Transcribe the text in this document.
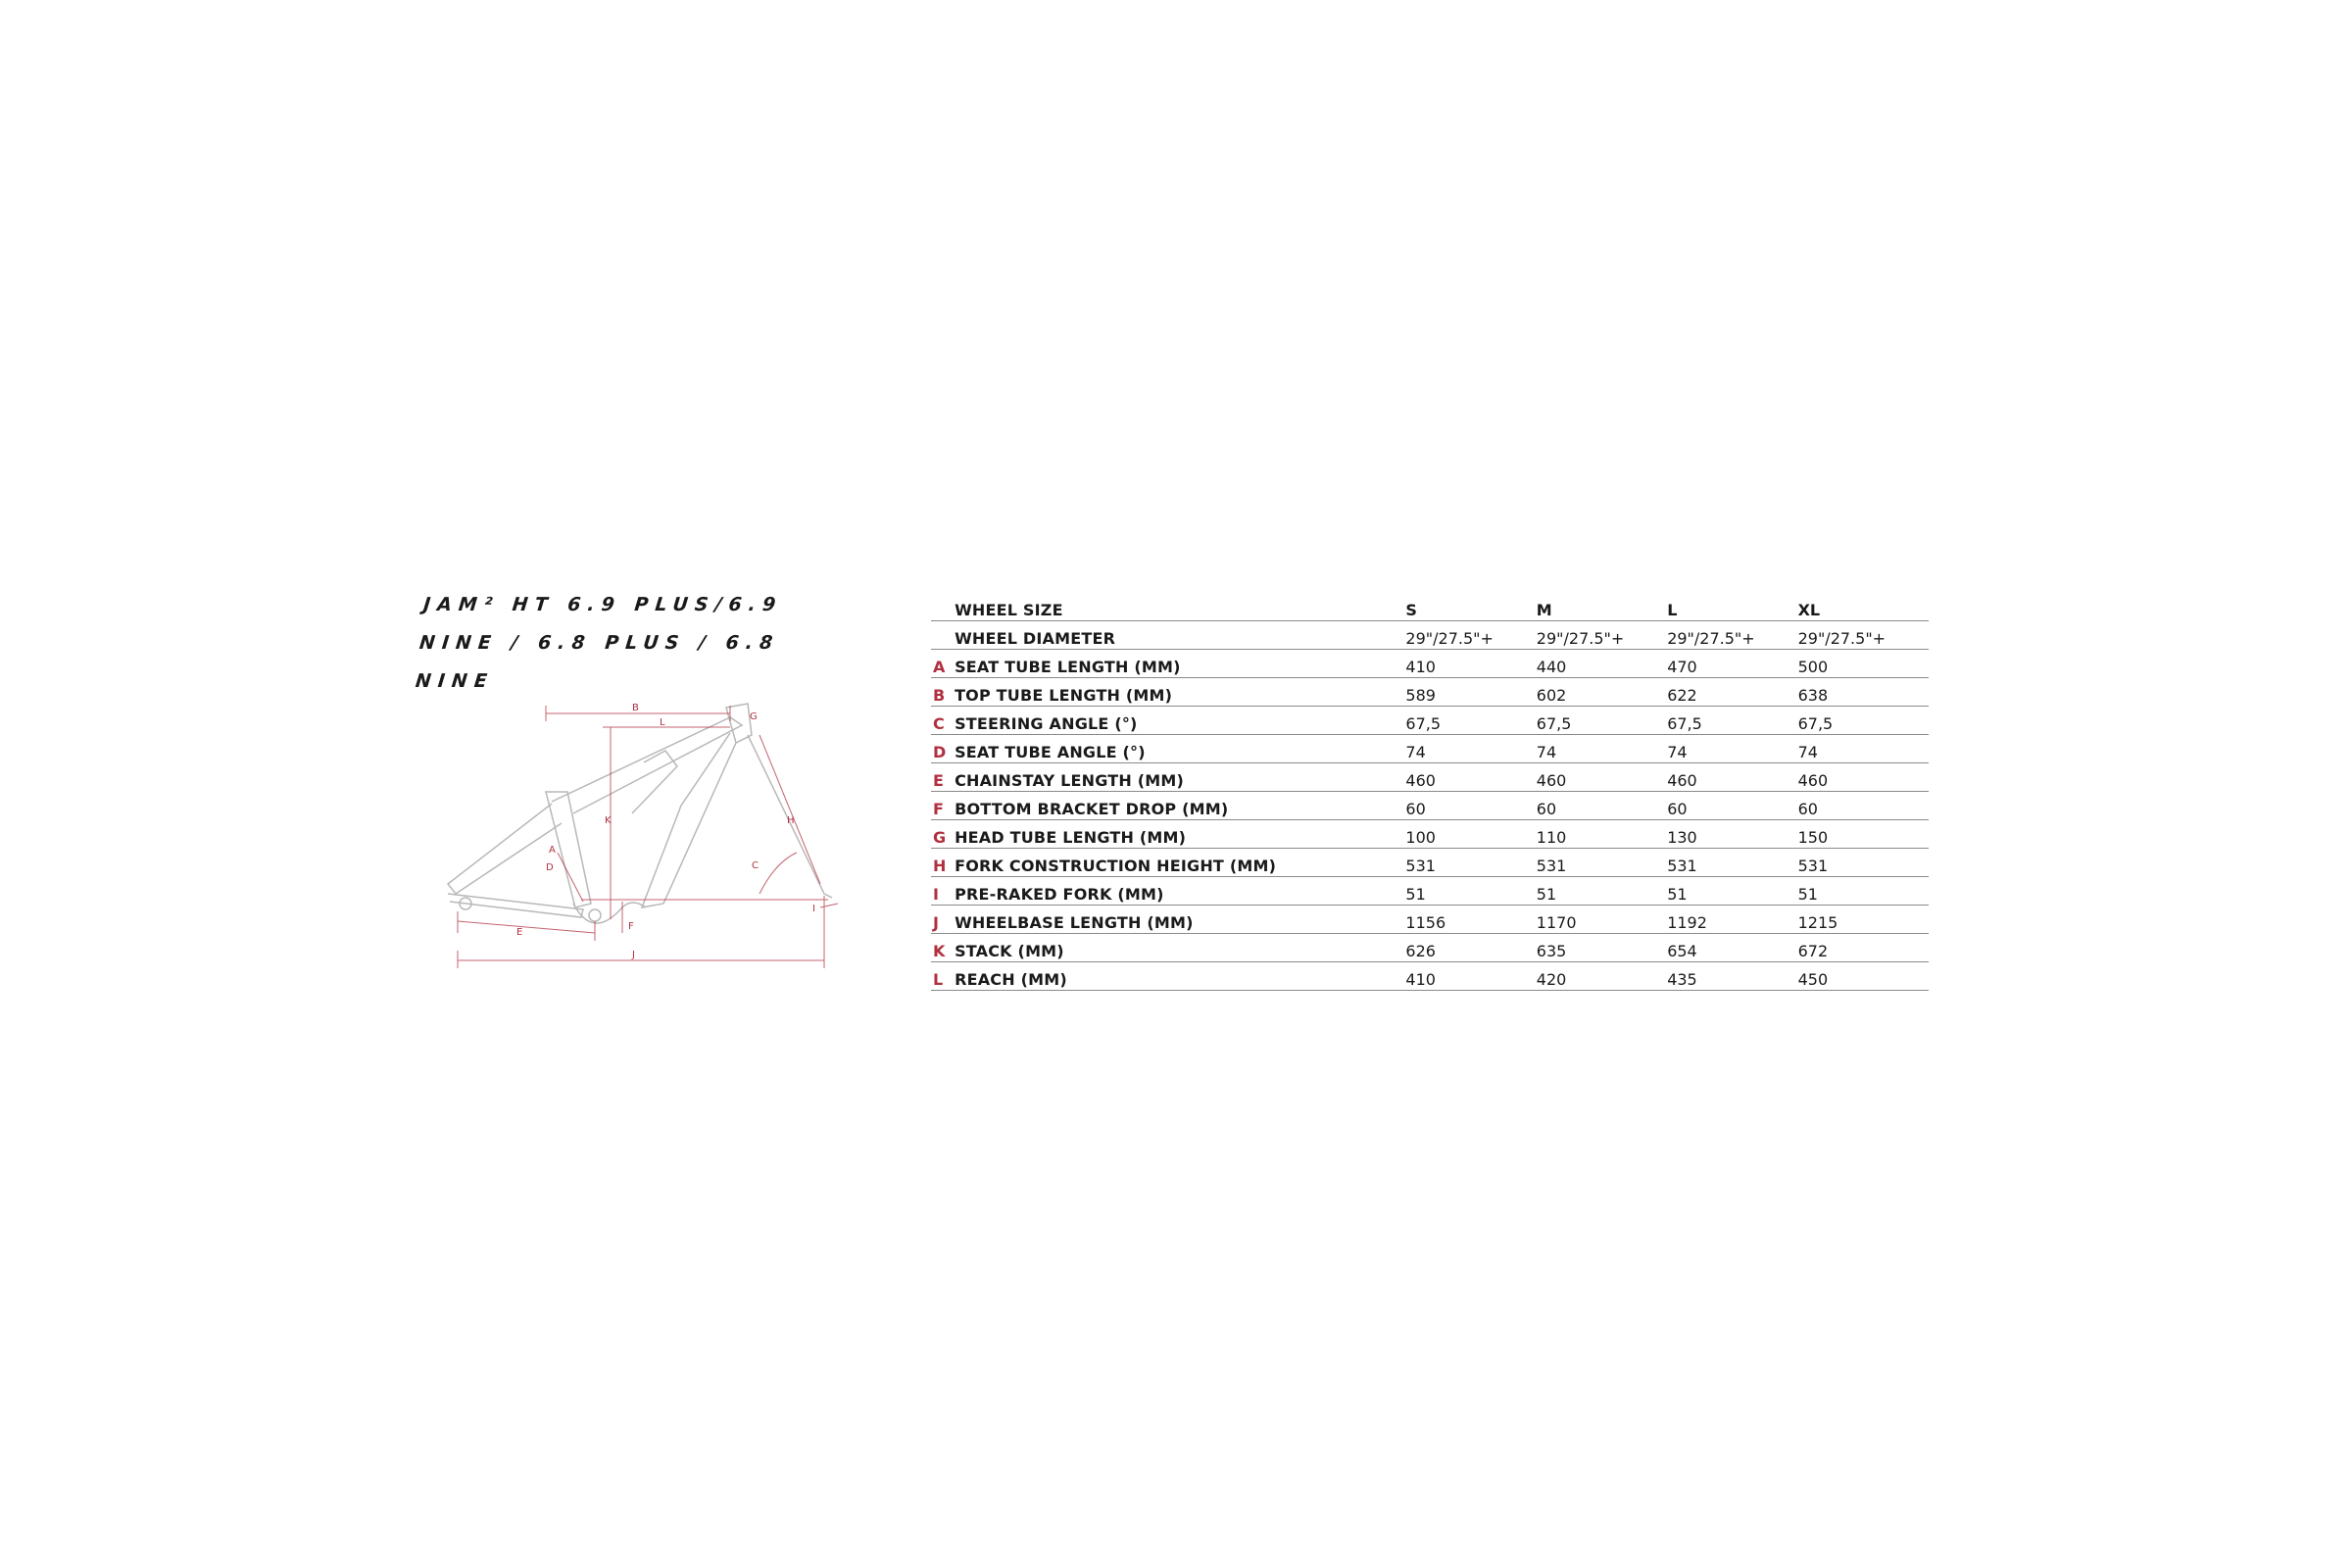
JAM² HT 6.9 PLUS/6.9 NINE / 6.8 PLUS / 6.8 NINE
B
L
G
K	H
A
D	C
F
I
E
J
	WHEEL SIZE	S	M	L	XL
	WHEEL DIAMETER	29"/27.5"+	29"/27.5"+	29"/27.5"+	29"/27.5"+
A	SEAT TUBE LENGTH (MM)	410	440	470	500
B	TOP TUBE LENGTH (MM)	589	602	622	638
C	STEERING ANGLE (°)	67,5	67,5	67,5	67,5
D	SEAT TUBE ANGLE (°)	74	74	74	74
E	CHAINSTAY LENGTH (MM)	460	460	460	460
F	BOTTOM BRACKET DROP (MM)	60	60	60	60
G	HEAD TUBE LENGTH (MM)	100	110	130	150
H	FORK CONSTRUCTION HEIGHT (MM)	531	531	531	531
I	PRE-RAKED FORK (MM)	51	51	51	51
J	WHEELBASE LENGTH (MM)	1156	1170	1192	1215
K	STACK (MM)	626	635	654	672
L	REACH (MM)	410	420	435	450
